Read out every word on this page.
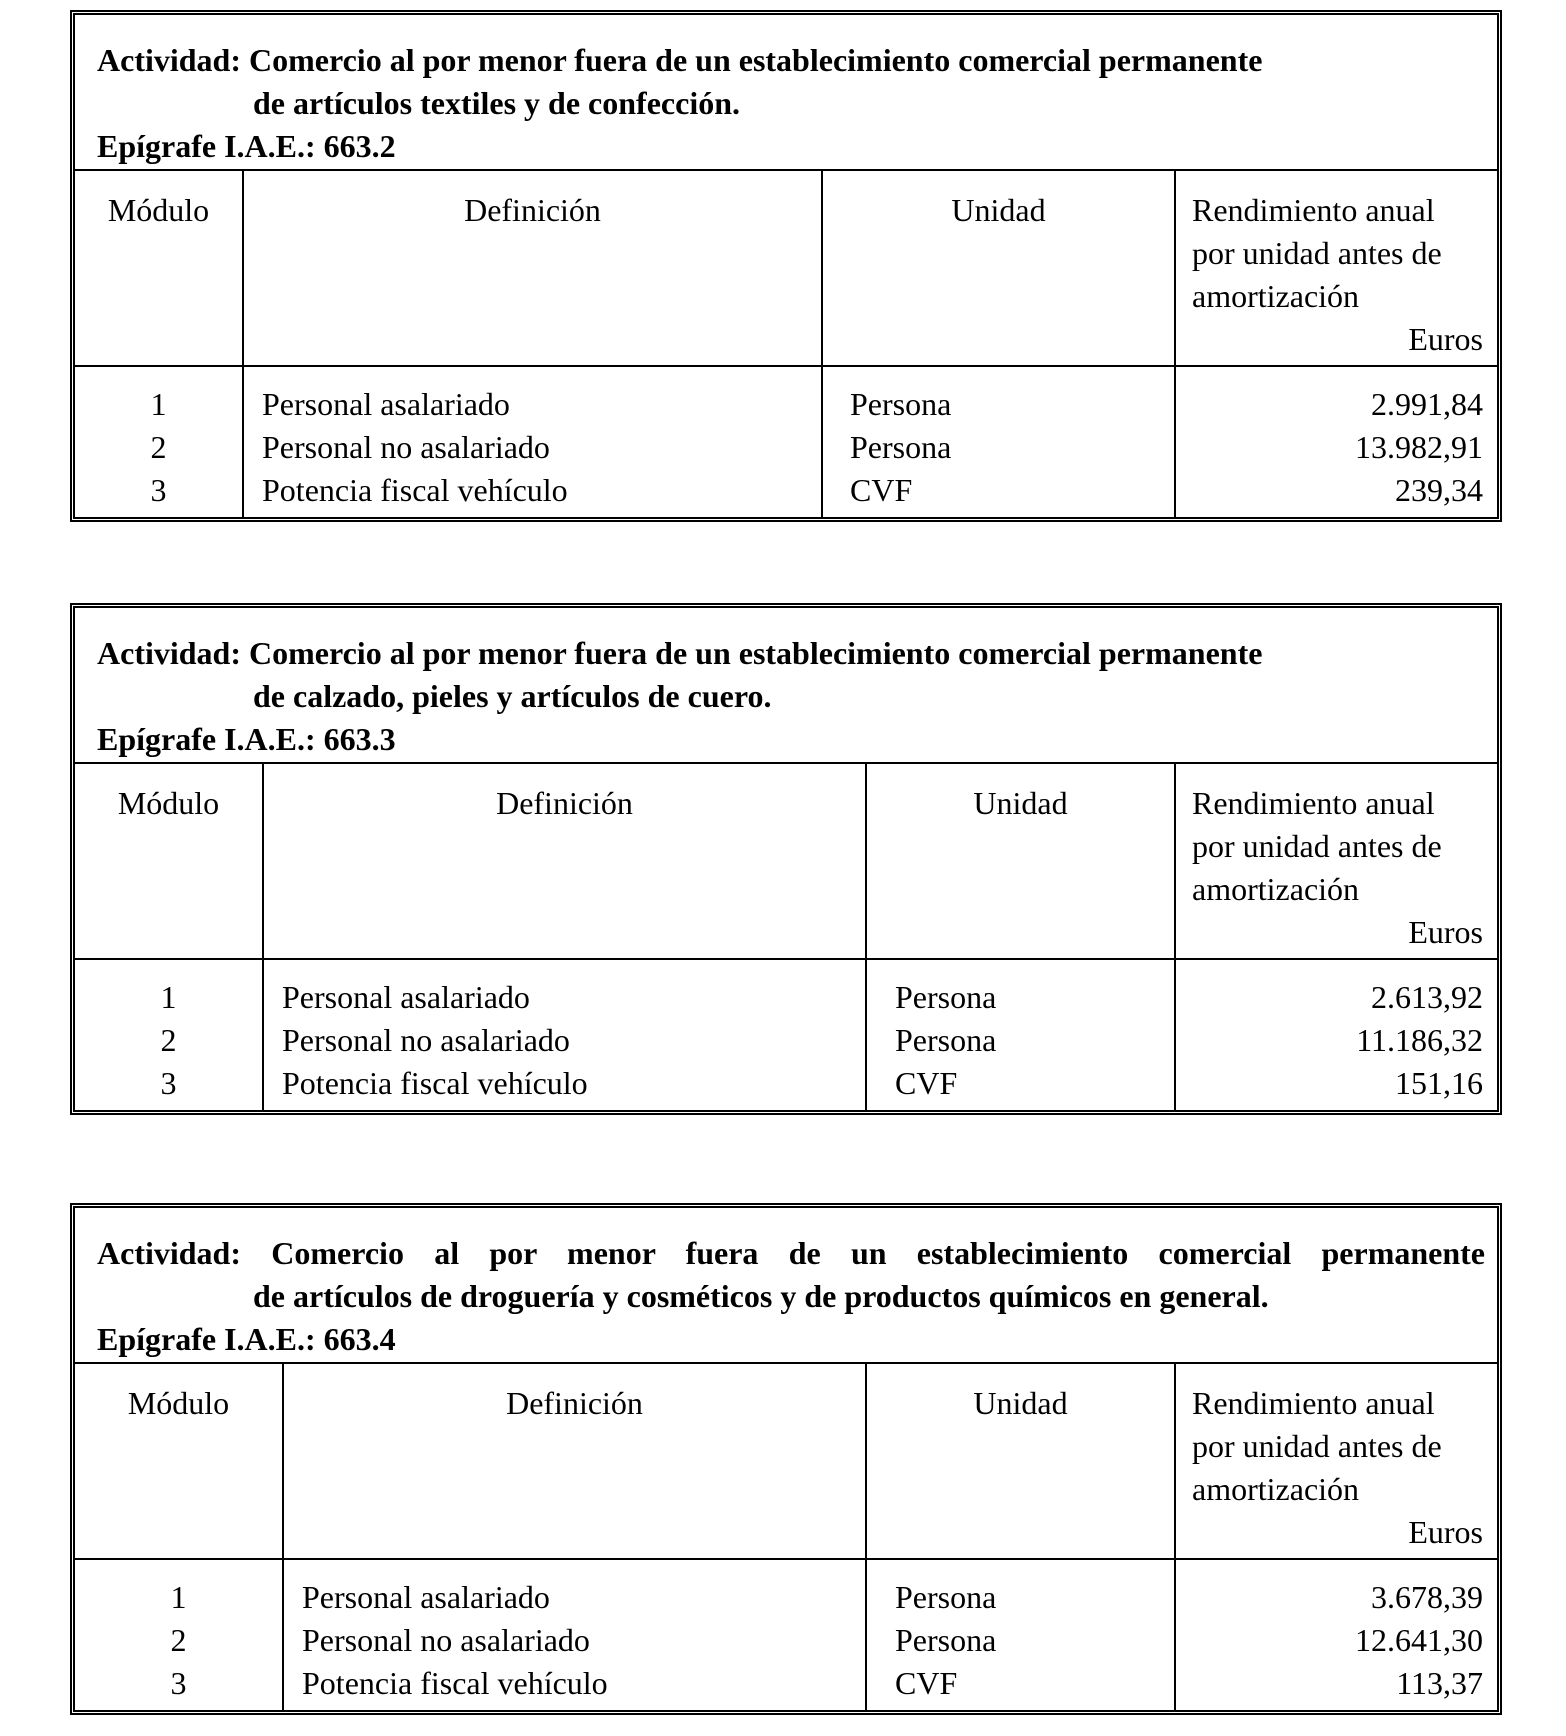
Actividad: Comercio al por menor fuera de un establecimiento comercial permanente
de artículos textiles y de confección.
Epígrafe I.A.E.: 663.2
Módulo	Definición	Unidad	Rendimiento anual
por unidad antes de
amortización
Euros
1	Personal asalariado	Persona	2.991,84
2	Personal no asalariado	Persona	13.982,91
3	Potencia fiscal vehículo	CVF	239,34
Actividad: Comercio al por menor fuera de un establecimiento comercial permanente
de calzado, pieles y artículos de cuero.
Epígrafe I.A.E.: 663.3
Módulo	Definición	Unidad	Rendimiento anual
por unidad antes de
amortización
Euros
1	Personal asalariado	Persona	2.613,92
2	Personal no asalariado	Persona	11.186,32
3	Potencia fiscal vehículo	CVF	151,16
Actividad: Comercio al por menor fuera de un establecimiento comercial permanente
de artículos de droguería y cosméticos y de productos químicos en general.
Epígrafe I.A.E.: 663.4
Módulo	Definición	Unidad	Rendimiento anual
por unidad antes de
amortización
Euros
1	Personal asalariado	Persona	3.678,39
2	Personal no asalariado	Persona	12.641,30
3	Potencia fiscal vehículo	CVF	113,37
